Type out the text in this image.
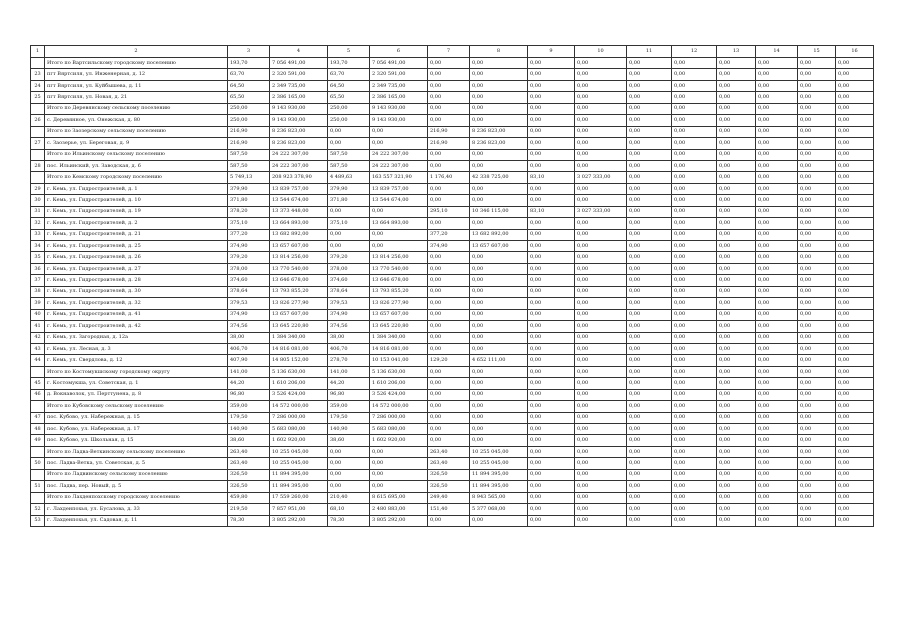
1	2	3	4	5	6	7	8	9	10	11	12	13	14	15	16
	Итого по Вартсильскому городскому поселению	193,70	7 056 491,00	193,70	7 056 491,00	0,00	0,00	0,00	0,00	0,00	0,00	0,00	0,00	0,00	0,00
23	пгт Вяртсиля, ул. Инженерная, д. 12	63,70	2 320 591,00	63,70	2 320 591,00	0,00	0,00	0,00	0,00	0,00	0,00	0,00	0,00	0,00	0,00
24	пгт Вяртсиля, ул. Куйбышева, д. 11	64,50	2 349 735,00	64,50	2 349 735,00	0,00	0,00	0,00	0,00	0,00	0,00	0,00	0,00	0,00	0,00
25	пгт Вяртсиля, ул. Новая, д. 21	65,50	2 386 165,00	65,50	2 386 165,00	0,00	0,00	0,00	0,00	0,00	0,00	0,00	0,00	0,00	0,00
	Итого по Деревянскому сельскому поселению	250,00	9 143 930,00	250,00	9 143 930,00	0,00	0,00	0,00	0,00	0,00	0,00	0,00	0,00	0,00	0,00
26	с. Деревянное, ул. Онежская, д. 80	250,00	9 143 930,00	250,00	9 143 930,00	0,00	0,00	0,00	0,00	0,00	0,00	0,00	0,00	0,00	0,00
	Итого по Заозерскому сельскому поселению	216,90	8 236 823,00	0,00	0,00	216,90	8 236 823,00	0,00	0,00	0,00	0,00	0,00	0,00	0,00	0,00
27	с. Заозерье, ул. Береговая, д. 9	216,90	8 236 823,00	0,00	0,00	216,90	8 236 823,00	0,00	0,00	0,00	0,00	0,00	0,00	0,00	0,00
	Итого по Ильинскому сельскому поселению	587,50	24 222 307,00	587,50	24 222 307,00	0,00	0,00	0,00	0,00	0,00	0,00	0,00	0,00	0,00	0,00
28	пос. Ильинский, ул. Заводская, д. 6	587,50	24 222 307,00	587,50	24 222 307,00	0,00	0,00	0,00	0,00	0,00	0,00	0,00	0,00	0,00	0,00
	Итого по Кемскому городскому поселению	5 749,13	208 923 378,90	4 489,63	163 557 321,90	1 176,40	42 338 725,00	83,10	3 027 333,00	0,00	0,00	0,00	0,00	0,00	0,00
29	г. Кемь, ул. Гидростроителей, д. 1	379,90	13 839 757,00	379,90	13 839 757,00	0,00	0,00	0,00	0,00	0,00	0,00	0,00	0,00	0,00	0,00
30	г. Кемь, ул. Гидростроителей, д. 10	371,80	13 544 674,00	371,80	13 544 674,00	0,00	0,00	0,00	0,00	0,00	0,00	0,00	0,00	0,00	0,00
31	г. Кемь, ул. Гидростроителей, д. 19	378,20	13 373 448,00	0,00	0,00	295,10	10 346 115,00	83,10	3 027 333,00	0,00	0,00	0,00	0,00	0,00	0,00
32	г. Кемь, ул. Гидростроителей, д. 2	375,10	13 664 893,00	375,10	13 664 893,00	0,00	0,00	0,00	0,00	0,00	0,00	0,00	0,00	0,00	0,00
33	г. Кемь, ул. Гидростроителей, д. 21	377,20	13 682 892,00	0,00	0,00	377,20	13 682 892,00	0,00	0,00	0,00	0,00	0,00	0,00	0,00	0,00
34	г. Кемь, ул. Гидростроителей, д. 25	374,90	13 657 607,00	0,00	0,00	374,90	13 657 607,00	0,00	0,00	0,00	0,00	0,00	0,00	0,00	0,00
35	г. Кемь, ул. Гидростроителей, д. 26	379,20	13 814 256,00	379,20	13 814 256,00	0,00	0,00	0,00	0,00	0,00	0,00	0,00	0,00	0,00	0,00
36	г. Кемь, ул. Гидростроителей, д. 27	378,00	13 770 540,00	378,00	13 770 540,00	0,00	0,00	0,00	0,00	0,00	0,00	0,00	0,00	0,00	0,00
37	г. Кемь, ул. Гидростроителей, д. 28	374,60	13 646 678,00	374,60	13 646 678,00	0,00	0,00	0,00	0,00	0,00	0,00	0,00	0,00	0,00	0,00
38	г. Кемь, ул. Гидростроителей, д. 30	378,64	13 793 855,20	378,64	13 793 855,20	0,00	0,00	0,00	0,00	0,00	0,00	0,00	0,00	0,00	0,00
39	г. Кемь, ул. Гидростроителей, д. 32	379,53	13 826 277,90	379,53	13 826 277,90	0,00	0,00	0,00	0,00	0,00	0,00	0,00	0,00	0,00	0,00
40	г. Кемь, ул. Гидростроителей, д. 41	374,90	13 657 607,00	374,90	13 657 607,00	0,00	0,00	0,00	0,00	0,00	0,00	0,00	0,00	0,00	0,00
41	г. Кемь, ул. Гидростроителей, д. 42	374,56	13 645 220,80	374,56	13 645 220,80	0,00	0,00	0,00	0,00	0,00	0,00	0,00	0,00	0,00	0,00
42	г. Кемь, ул. Загородная, д. 12а	38,00	1 384 340,00	38,00	1 384 340,00	0,00	0,00	0,00	0,00	0,00	0,00	0,00	0,00	0,00	0,00
43	г. Кемь, ул. Лесная, д. 3	406,70	14 816 081,00	406,70	14 816 081,00	0,00	0,00	0,00	0,00	0,00	0,00	0,00	0,00	0,00	0,00
44	г. Кемь, ул. Свердлова, д. 12	407,90	14 805 152,00	278,70	10 153 041,00	129,20	4 652 111,00	0,00	0,00	0,00	0,00	0,00	0,00	0,00	0,00
	Итого по Костомукшскому городскому округу	141,00	5 136 630,00	141,00	5 136 630,00	0,00	0,00	0,00	0,00	0,00	0,00	0,00	0,00	0,00	0,00
45	г. Костомукша, ул. Советская, д. 1	44,20	1 610 206,00	44,20	1 610 206,00	0,00	0,00	0,00	0,00	0,00	0,00	0,00	0,00	0,00	0,00
46	д. Вокнаволок, ул. Перттунена, д. 8	96,80	3 526 424,00	96,80	3 526 424,00	0,00	0,00	0,00	0,00	0,00	0,00	0,00	0,00	0,00	0,00
	Итого по Кубовскому сельскому поселению	359,00	14 572 000,00	359,00	14 572 000,00	0,00	0,00	0,00	0,00	0,00	0,00	0,00	0,00	0,00	0,00
47	пос. Кубово, ул. Набережная, д. 15	179,50	7 286 000,00	179,50	7 286 000,00	0,00	0,00	0,00	0,00	0,00	0,00	0,00	0,00	0,00	0,00
48	пос. Кубово, ул. Набережная, д. 17	140,90	5 683 080,00	140,90	5 683 080,00	0,00	0,00	0,00	0,00	0,00	0,00	0,00	0,00	0,00	0,00
49	пос. Кубово, ул. Школьная, д. 15	38,60	1 602 920,00	38,60	1 602 920,00	0,00	0,00	0,00	0,00	0,00	0,00	0,00	0,00	0,00	0,00
	Итого по Ладва-Веткинскому сельскому поселению	263,40	10 255 045,00	0,00	0,00	263,40	10 255 045,00	0,00	0,00	0,00	0,00	0,00	0,00	0,00	0,00
50	пос. Ладва-Ветка, ул. Советская, д. 5	263,40	10 255 045,00	0,00	0,00	263,40	10 255 045,00	0,00	0,00	0,00	0,00	0,00	0,00	0,00	0,00
	Итого по Ладвинскому сельскому поселению	326,50	11 894 395,00	0,00	0,00	326,50	11 894 395,00	0,00	0,00	0,00	0,00	0,00	0,00	0,00	0,00
51	пос. Ладва, пер. Новый, д. 5	326,50	11 894 395,00	0,00	0,00	326,50	11 894 395,00	0,00	0,00	0,00	0,00	0,00	0,00	0,00	0,00
	Итого по Лахденпохскому городскому поселению	459,80	17 559 260,00	210,40	8 615 695,00	249,40	8 943 565,00	0,00	0,00	0,00	0,00	0,00	0,00	0,00	0,00
52	г. Лахденпохья, ул. Бусалова, д. 33	219,50	7 857 951,00	68,10	2 480 883,00	151,40	5 377 068,00	0,00	0,00	0,00	0,00	0,00	0,00	0,00	0,00
53	г. Лахденпохья, ул. Садовая, д. 11	78,30	3 805 292,00	78,30	3 805 292,00	0,00	0,00	0,00	0,00	0,00	0,00	0,00	0,00	0,00	0,00
